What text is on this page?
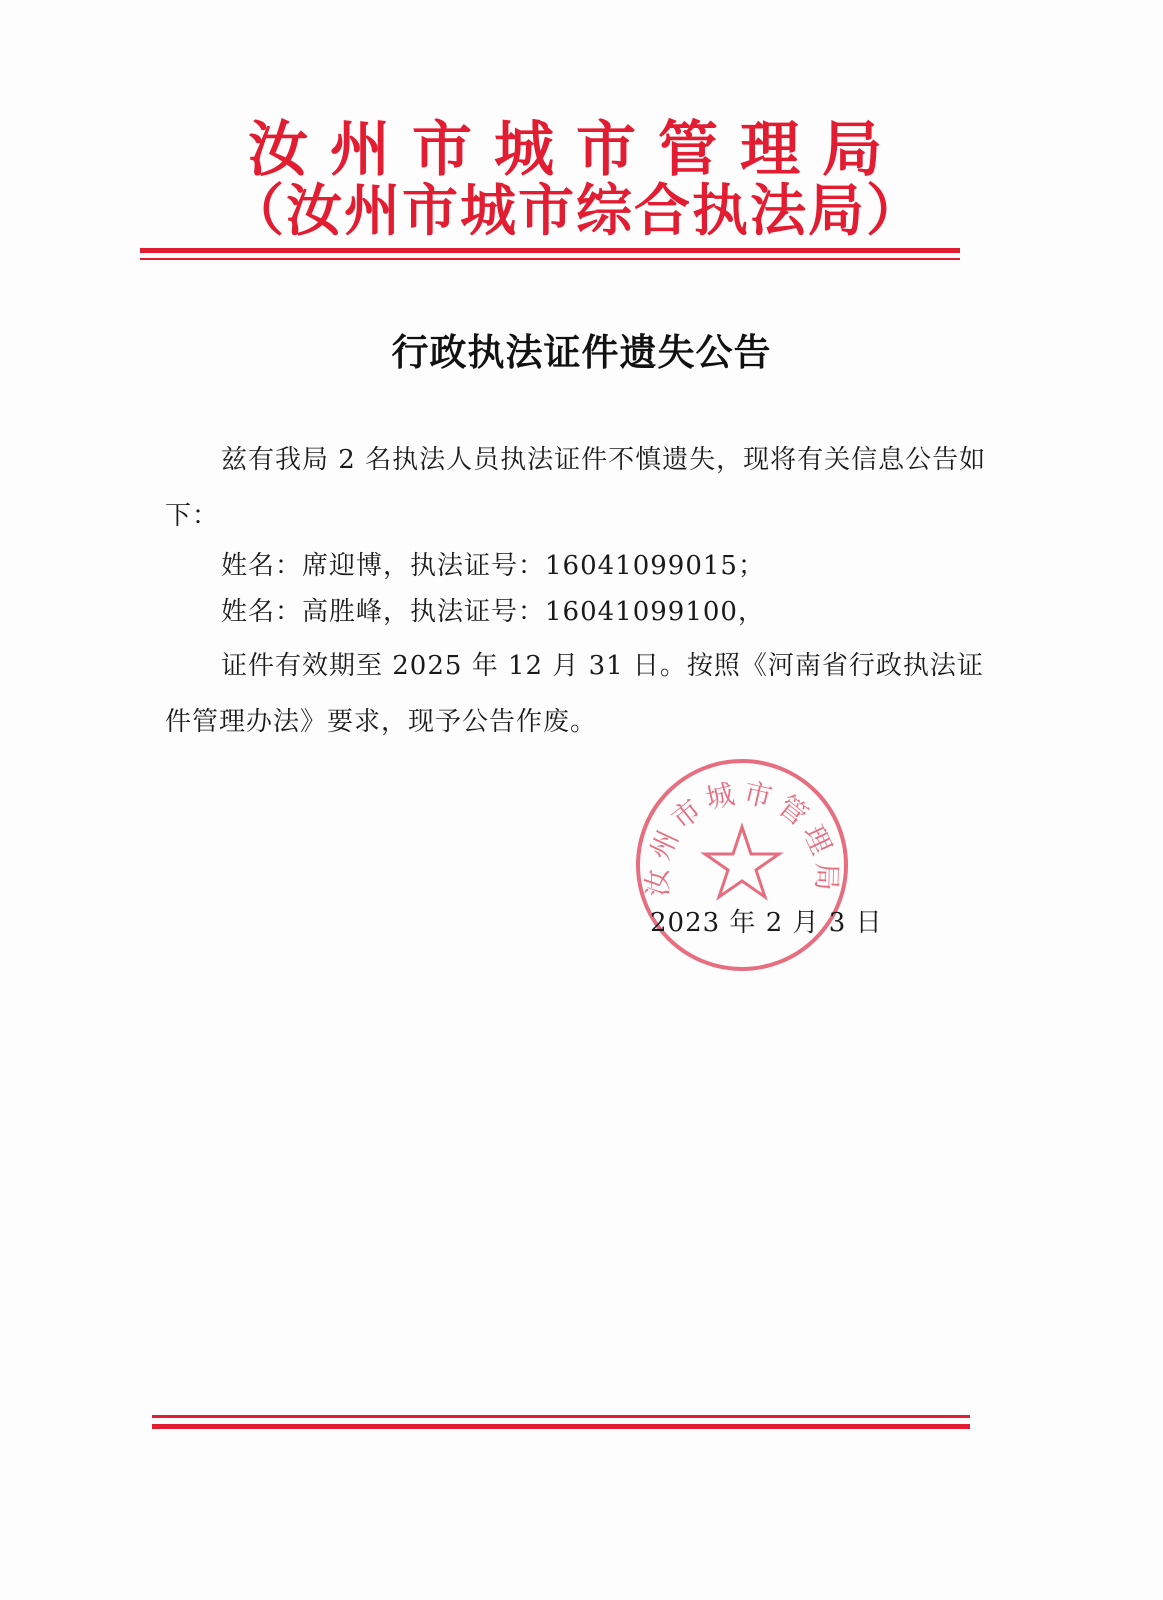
汝州市城市管理局
（汝州市城市综合执法局）
行政执法证件遗失公告
兹有我局 2 名执法人员执法证件不慎遗失，现将有关信息公告如下：
姓名：席迎博，执法证号：16041099015；
姓名：高胜峰，执法证号：16041099100，
证件有效期至 2025 年 12 月 31 日。按照《河南省行政执法证件管理办法》要求，现予公告作废。
汝州市城市管理局
2023 年 2 月 3 日
